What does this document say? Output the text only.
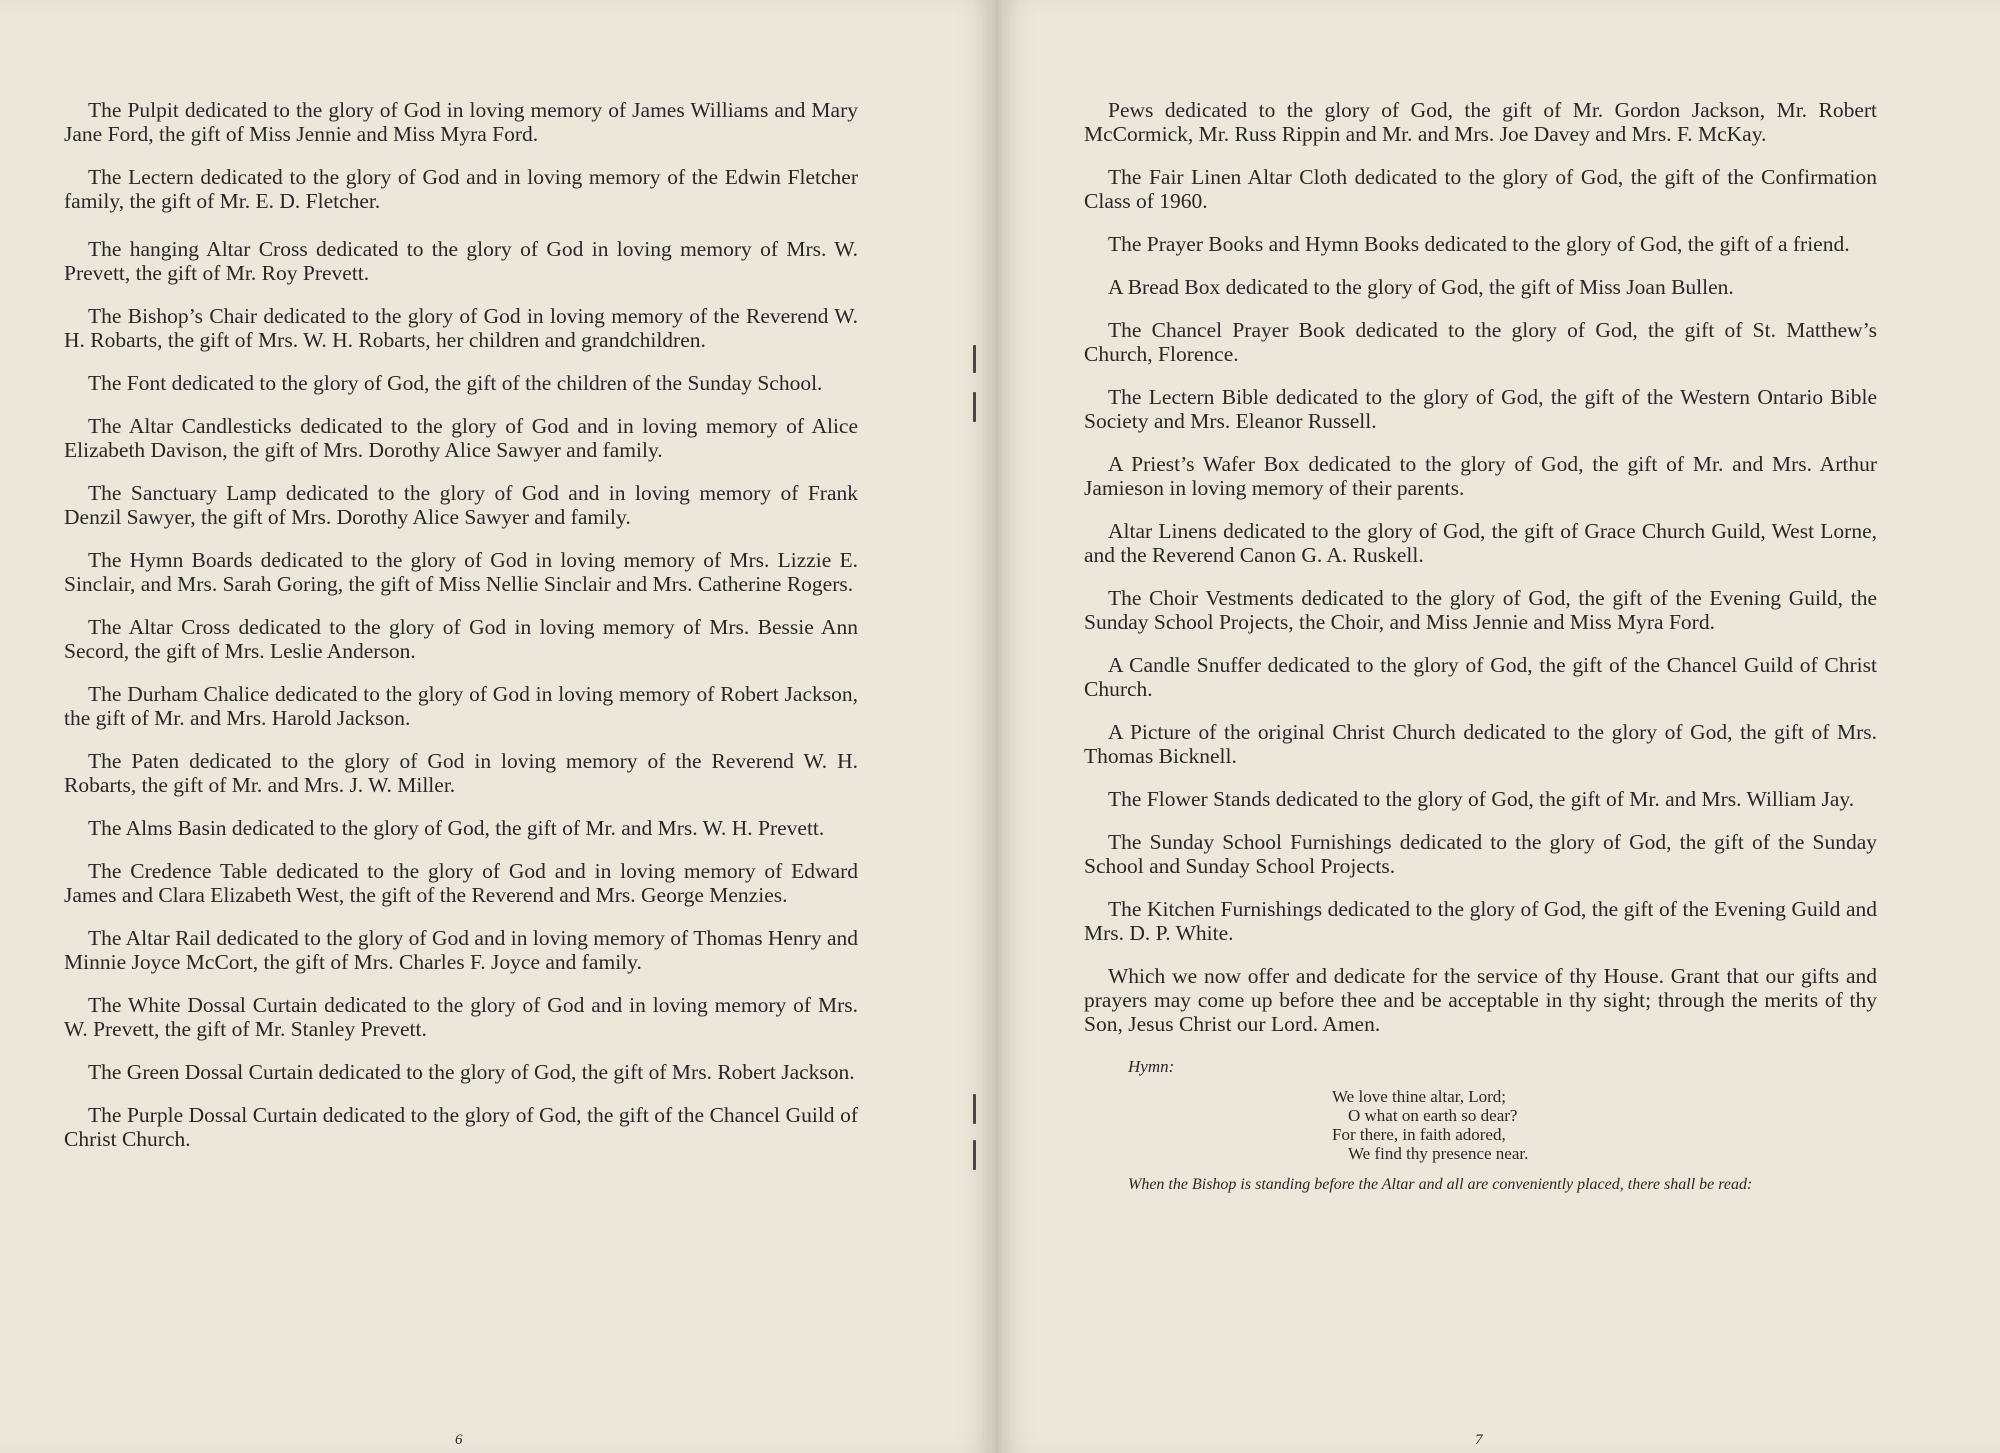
The Pulpit dedicated to the glory of God in loving memory of James Williams and Mary Jane Ford, the gift of Miss Jennie and Miss Myra Ford.

The Lectern dedicated to the glory of God and in loving memory of the Edwin Fletcher family, the gift of Mr. E. D. Fletcher.

The hanging Altar Cross dedicated to the glory of God in loving memory of Mrs. W. Prevett, the gift of Mr. Roy Prevett.

The Bishop’s Chair dedicated to the glory of God in loving memory of the Reverend W. H. Robarts, the gift of Mrs. W. H. Robarts, her children and grandchildren.

The Font dedicated to the glory of God, the gift of the children of the Sunday School.

The Altar Candlesticks dedicated to the glory of God and in loving memory of Alice Elizabeth Davison, the gift of Mrs. Dorothy Alice Sawyer and family.

The Sanctuary Lamp dedicated to the glory of God and in loving memory of Frank Denzil Sawyer, the gift of Mrs. Dorothy Alice Sawyer and family.

The Hymn Boards dedicated to the glory of God in loving memory of Mrs. Lizzie E. Sinclair, and Mrs. Sarah Goring, the gift of Miss Nellie Sinclair and Mrs. Catherine Rogers.

The Altar Cross dedicated to the glory of God in loving memory of Mrs. Bessie Ann Secord, the gift of Mrs. Leslie Anderson.

The Durham Chalice dedicated to the glory of God in loving memory of Robert Jackson, the gift of Mr. and Mrs. Harold Jackson.

The Paten dedicated to the glory of God in loving memory of the Reverend W. H. Robarts, the gift of Mr. and Mrs. J. W. Miller.

The Alms Basin dedicated to the glory of God, the gift of Mr. and Mrs. W. H. Prevett.

The Credence Table dedicated to the glory of God and in loving memory of Edward James and Clara Elizabeth West, the gift of the Reverend and Mrs. George Menzies.

The Altar Rail dedicated to the glory of God and in loving memory of Thomas Henry and Minnie Joyce McCort, the gift of Mrs. Charles F. Joyce and family.

The White Dossal Curtain dedicated to the glory of God and in loving memory of Mrs. W. Prevett, the gift of Mr. Stanley Prevett.

The Green Dossal Curtain dedicated to the glory of God, the gift of Mrs. Robert Jackson.

The Purple Dossal Curtain dedicated to the glory of God, the gift of the Chancel Guild of Christ Church.

6

Pews dedicated to the glory of God, the gift of Mr. Gordon Jackson, Mr. Robert McCormick, Mr. Russ Rippin and Mr. and Mrs. Joe Davey and Mrs. F. McKay.

The Fair Linen Altar Cloth dedicated to the glory of God, the gift of the Confirmation Class of 1960.

The Prayer Books and Hymn Books dedicated to the glory of God, the gift of a friend.

A Bread Box dedicated to the glory of God, the gift of Miss Joan Bullen.

The Chancel Prayer Book dedicated to the glory of God, the gift of St. Matthew’s Church, Florence.

The Lectern Bible dedicated to the glory of God, the gift of the Western Ontario Bible Society and Mrs. Eleanor Russell.

A Priest’s Wafer Box dedicated to the glory of God, the gift of Mr. and Mrs. Arthur Jamieson in loving memory of their parents.

Altar Linens dedicated to the glory of God, the gift of Grace Church Guild, West Lorne, and the Reverend Canon G. A. Ruskell.

The Choir Vestments dedicated to the glory of God, the gift of the Evening Guild, the Sunday School Projects, the Choir, and Miss Jennie and Miss Myra Ford.

A Candle Snuffer dedicated to the glory of God, the gift of the Chancel Guild of Christ Church.

A Picture of the original Christ Church dedicated to the glory of God, the gift of Mrs. Thomas Bicknell.

The Flower Stands dedicated to the glory of God, the gift of Mr. and Mrs. William Jay.

The Sunday School Furnishings dedicated to the glory of God, the gift of the Sunday School and Sunday School Projects.

The Kitchen Furnishings dedicated to the glory of God, the gift of the Evening Guild and Mrs. D. P. White.

Which we now offer and dedicate for the service of thy House. Grant that our gifts and prayers may come up before thee and be acceptable in thy sight; through the merits of thy Son, Jesus Christ our Lord. Amen.

Hymn:
We love thine altar, Lord;
O what on earth so dear?
For there, in faith adored,
We find thy presence near.

When the Bishop is standing before the Altar and all are conveniently placed, there shall be read:

7
